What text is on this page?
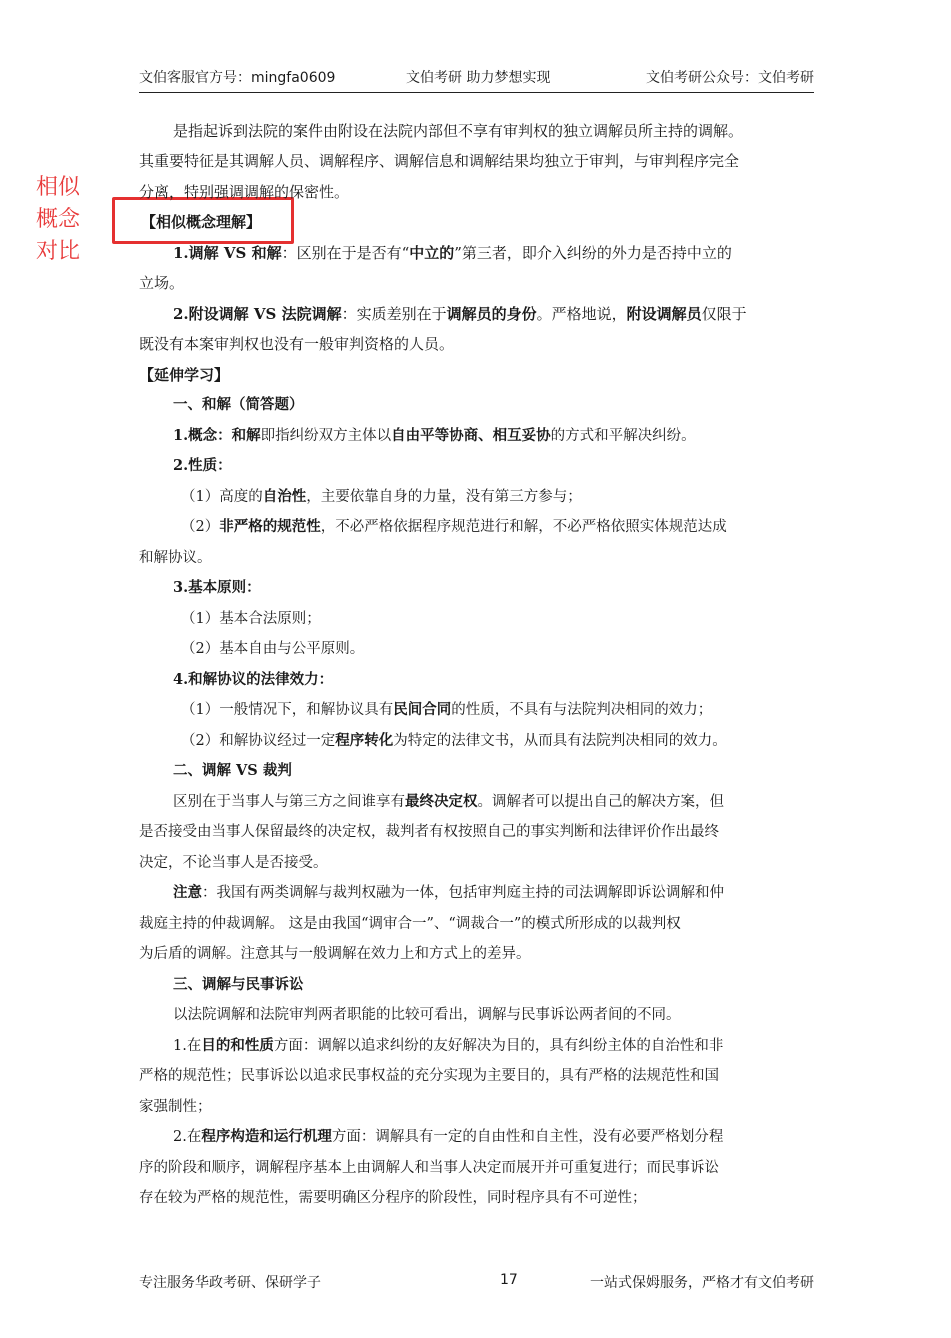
文伯客服官方号：mingfa0609	文伯考研 助力梦想实现	文伯考研公众号：文伯考研
相似
概念
对比
是指起诉到法院的案件由附设在法院内部但不享有审判权的独立调解员所主持的调解。
其重要特征是其调解人员、调解程序、调解信息和调解结果均独立于审判，与审判程序完全
分离，特别强调调解的保密性。
【相似概念理解】
1.调解 VS 和解：区别在于是否有“中立的”第三者，即介入纠纷的外力是否持中立的
立场。
2.附设调解 VS 法院调解：实质差别在于调解员的身份。严格地说，附设调解员仅限于
既没有本案审判权也没有一般审判资格的人员。
【延伸学习】
一、和解（简答题）
1.概念：和解即指纠纷双方主体以自由平等协商、相互妥协的方式和平解决纠纷。
2.性质：
（1）高度的自治性，主要依靠自身的力量，没有第三方参与；
（2）非严格的规范性，不必严格依据程序规范进行和解，不必严格依照实体规范达成
和解协议。
3.基本原则：
（1）基本合法原则；
（2）基本自由与公平原则。
4.和解协议的法律效力：
（1）一般情况下，和解协议具有民间合同的性质，不具有与法院判决相同的效力；
（2）和解协议经过一定程序转化为特定的法律文书，从而具有法院判决相同的效力。
二、调解 VS 裁判
区别在于当事人与第三方之间谁享有最终决定权。调解者可以提出自己的解决方案，但
是否接受由当事人保留最终的决定权，裁判者有权按照自己的事实判断和法律评价作出最终
决定，不论当事人是否接受。
注意：我国有两类调解与裁判权融为一体，包括审判庭主持的司法调解即诉讼调解和仲
裁庭主持的仲裁调解。 这是由我国“调审合一”、“调裁合一”的模式所形成的以裁判权
为后盾的调解。注意其与一般调解在效力上和方式上的差异。
三、调解与民事诉讼
以法院调解和法院审判两者职能的比较可看出，调解与民事诉讼两者间的不同。
1.在目的和性质方面：调解以追求纠纷的友好解决为目的，具有纠纷主体的自治性和非
严格的规范性；民事诉讼以追求民事权益的充分实现为主要目的，具有严格的法规范性和国
家强制性；
2.在程序构造和运行机理方面：调解具有一定的自由性和自主性，没有必要严格划分程
序的阶段和顺序，调解程序基本上由调解人和当事人决定而展开并可重复进行；而民事诉讼
存在较为严格的规范性，需要明确区分程序的阶段性，同时程序具有不可逆性；
专注服务华政考研、保研学子	17	一站式保姆服务，严格才有文伯考研
